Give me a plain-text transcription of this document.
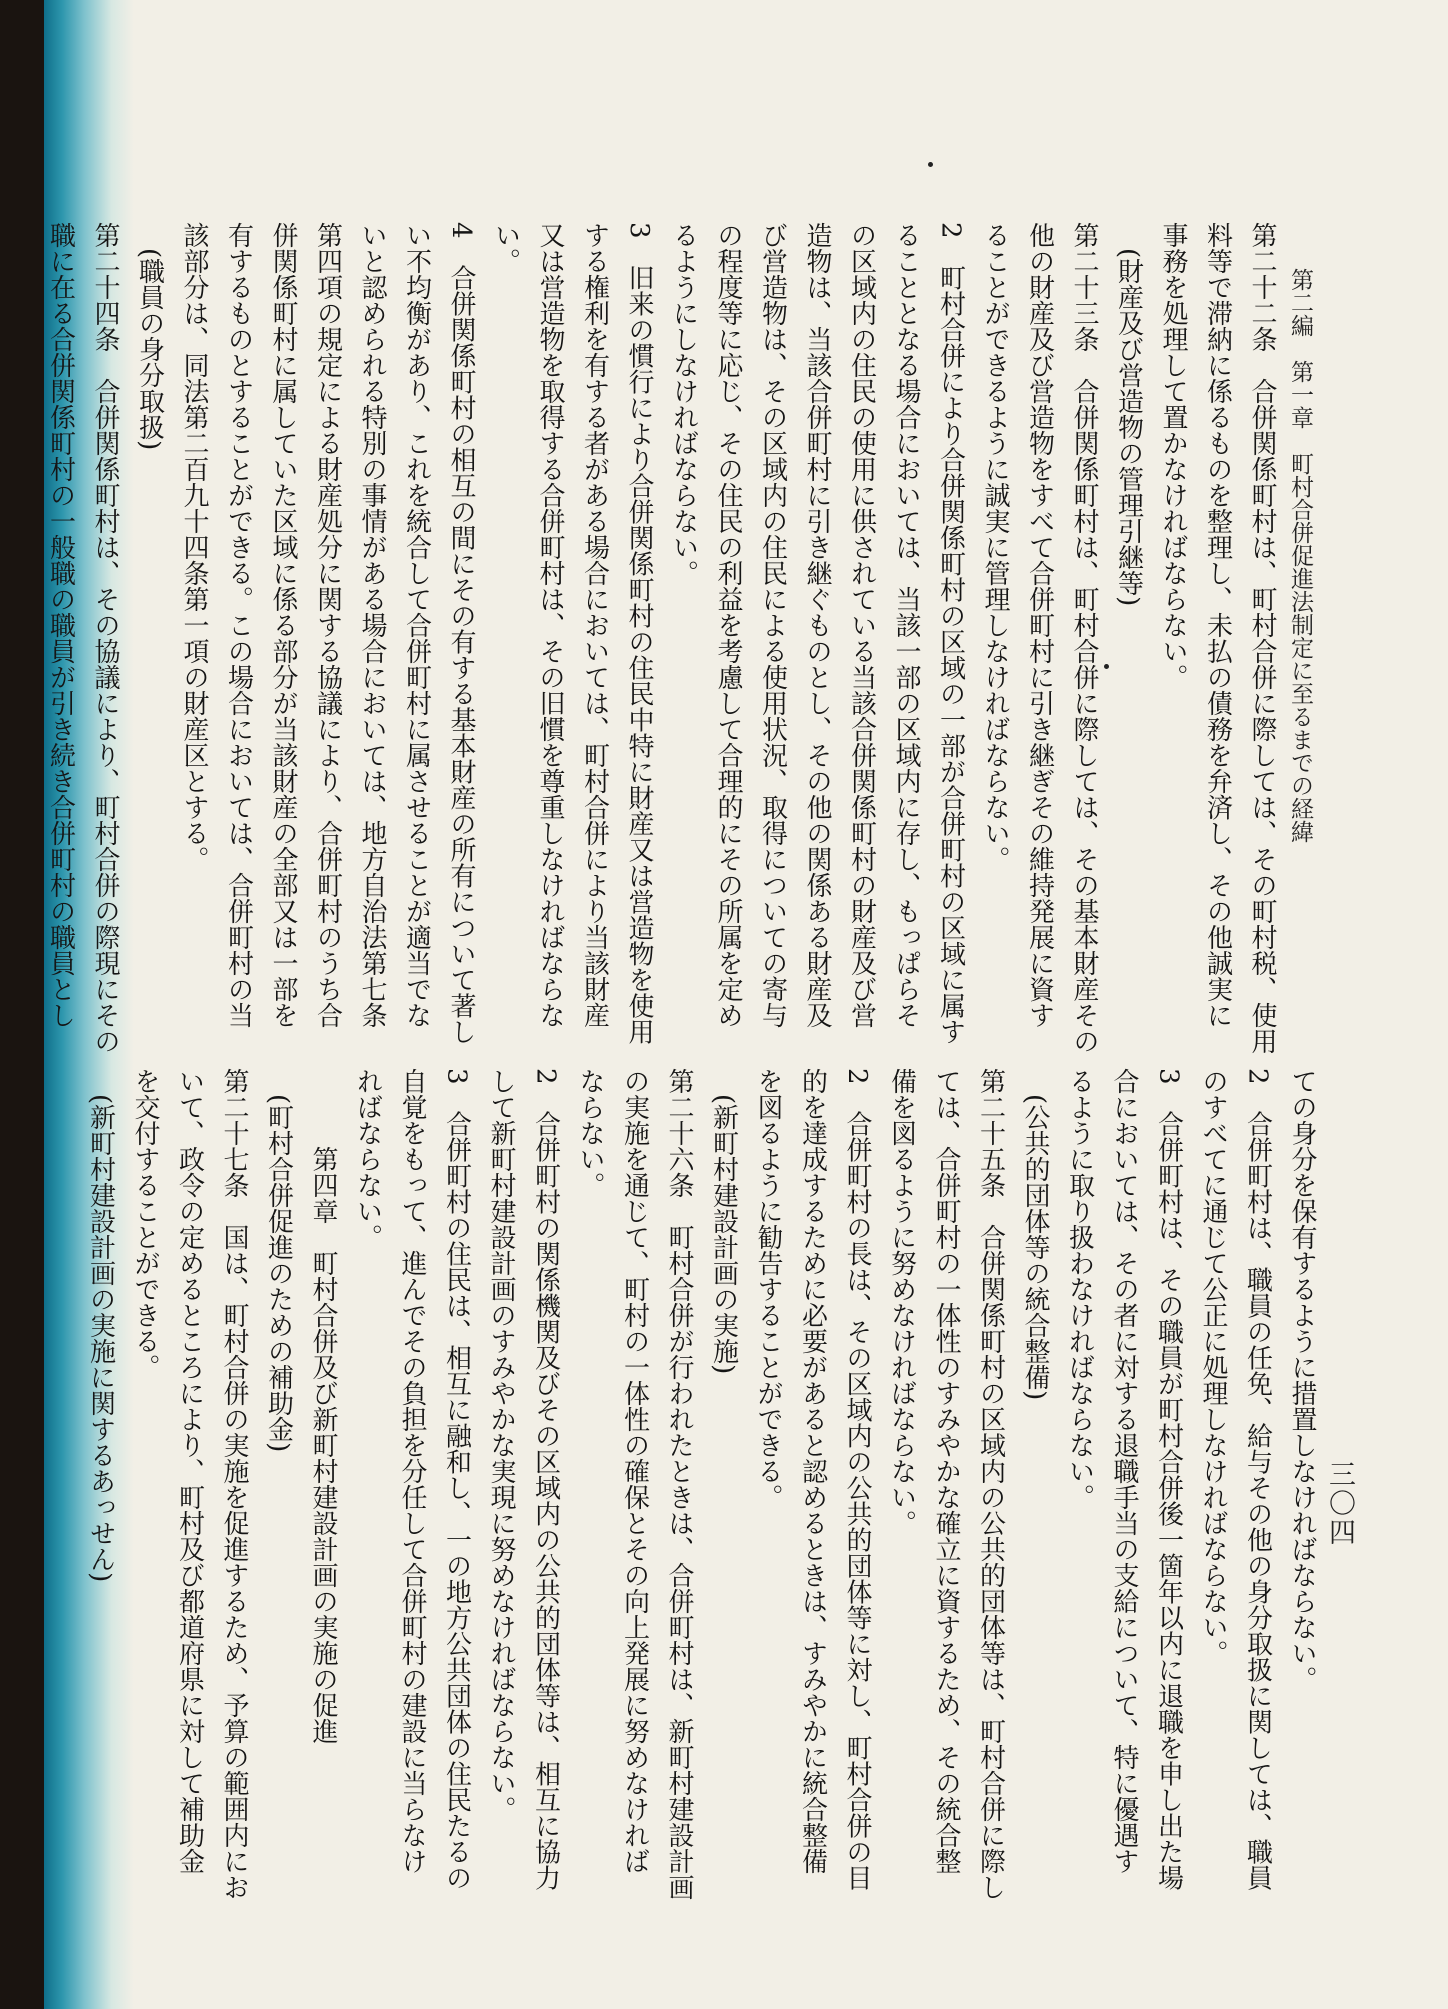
第二編　第一章　町村合併促進法制定に至るまでの経緯
三〇四
第二十二条　合併関係町村は、町村合併に際しては、その町村税、使用
料等で滞納に係るものを整理し、未払の債務を弁済し、その他誠実に
事務を処理して置かなければならない。
(財産及び営造物の管理引継等)
第二十三条　合併関係町村は、町村合併に際しては、その基本財産その
他の財産及び営造物をすべて合併町村に引き継ぎその維持発展に資す
ることができるように誠実に管理しなければならない。
2　町村合併により合併関係町村の区域の一部が合併町村の区域に属す
ることとなる場合においては、当該一部の区域内に存し、もっぱらそ
の区域内の住民の使用に供されている当該合併関係町村の財産及び営
造物は、当該合併町村に引き継ぐものとし、その他の関係ある財産及
び営造物は、その区域内の住民による使用状況、取得についての寄与
の程度等に応じ、その住民の利益を考慮して合理的にその所属を定め
るようにしなければならない。
3　旧来の慣行により合併関係町村の住民中特に財産又は営造物を使用
する権利を有する者がある場合においては、町村合併により当該財産
又は営造物を取得する合併町村は、その旧慣を尊重しなければならな
い。
4　合併関係町村の相互の間にその有する基本財産の所有について著し
い不均衡があり、これを統合して合併町村に属させることが適当でな
いと認められる特別の事情がある場合においては、地方自治法第七条
第四項の規定による財産処分に関する協議により、合併町村のうち合
併関係町村に属していた区域に係る部分が当該財産の全部又は一部を
有するものとすることができる。この場合においては、合併町村の当
該部分は、同法第二百九十四条第一項の財産区とする。
(職員の身分取扱)
第二十四条　合併関係町村は、その協議により、町村合併の際現にその
職に在る合併関係町村の一般職の職員が引き続き合併町村の職員とし
ての身分を保有するように措置しなければならない。
2　合併町村は、職員の任免、給与その他の身分取扱に関しては、職員
のすべてに通じて公正に処理しなければならない。
3　合併町村は、その職員が町村合併後一箇年以内に退職を申し出た場
合においては、その者に対する退職手当の支給について、特に優遇す
るように取り扱わなければならない。
(公共的団体等の統合整備)
第二十五条　合併関係町村の区域内の公共的団体等は、町村合併に際し
ては、合併町村の一体性のすみやかな確立に資するため、その統合整
備を図るように努めなければならない。
2　合併町村の長は、その区域内の公共的団体等に対し、町村合併の目
的を達成するために必要があると認めるときは、すみやかに統合整備
を図るように勧告することができる。
(新町村建設計画の実施)
第二十六条　町村合併が行われたときは、合併町村は、新町村建設計画
の実施を通じて、町村の一体性の確保とその向上発展に努めなければ
ならない。
2　合併町村の関係機関及びその区域内の公共的団体等は、相互に協力
して新町村建設計画のすみやかな実現に努めなければならない。
3　合併町村の住民は、相互に融和し、一の地方公共団体の住民たるの
自覚をもって、進んでその負担を分任して合併町村の建設に当らなけ
ればならない。
第四章　町村合併及び新町村建設計画の実施の促進
(町村合併促進のための補助金)
第二十七条　国は、町村合併の実施を促進するため、予算の範囲内にお
いて、政令の定めるところにより、町村及び都道府県に対して補助金
を交付することができる。
(新町村建設計画の実施に関するあっせん)
